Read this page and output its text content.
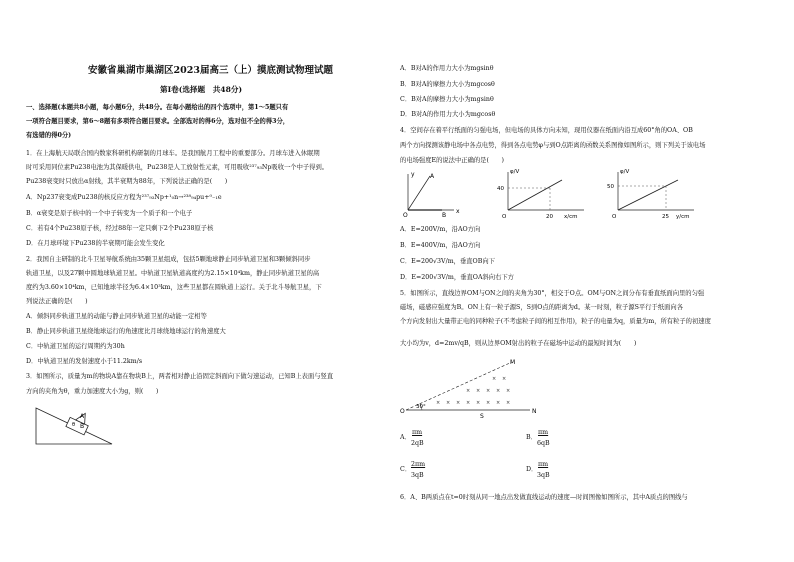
安徽省巢湖市巢湖区2023届高三（上）摸底测试物理试题
第Ⅰ卷(选择题　共48分)
一、选择题(本题共8小题，每小题6分，共48分。在每小题给出的四个选项中，第1～5题只有
一项符合题目要求，第6～8题有多项符合题目要求。全部选对的得6分，选对但不全的得3分，
有选错的得0分)
1．在上海航天局联合国内数家科研机构研制的月球车。是我国航月工程中的重要部分。月球车进入休眠期
时可采用同位素Pu238电池为其保暖供电，Pu238是人工放射性元素，可用吸收²³⁷₉₃Np吸收一个中子得到。
Pu238衰变时只放出α射线，其半衰期为88年，下列说法正确的是(　　)
A．Np237衰变成Pu238的核反应方程为²³⁷₉₃Np+¹₀n→²³⁸₉₄pu+⁰₋₁e
B．α衰变是原子核中的一个中子转变为一个质子和一个电子
C．若有4个Pu238原子核，经过88年一定只剩下2个Pu238原子核
D．在月球环境下Pu238的半衰期可能会发生变化
2．我国自主研制的北斗卫星导航系统由35颗卫星组成，包括5颗地球静止同步轨道卫星和3颗倾斜同步
轨道卫星，以及27颗中圆地球轨道卫星。中轨道卫星轨道高度约为2.15×10⁴km，静止同步轨道卫星的高
度约为3.60×10⁴km，已知地球半径为6.4×10³km，这些卫星都在圆轨道上运行。关于北斗导航卫星，下
列说法正确的是(　　)
A．倾斜同步轨道卫星的动能与静止同步轨道卫星的动能一定相等
B．静止同步轨道卫星绕地球运行的角速度比月球绕地球运行的角速度大
C．中轨道卫星的运行周期约为30h
D．中轨道卫星的发射速度小于11.2km/s
3．如图所示，质量为m的物块A靠在物块B上，两者相对静止沿固定斜面向下做匀速运动，已知B上表面与竖直
方向的夹角为θ，重力加速度大小为g，则(　　)
A
B
θ
A．B对A的作用力大小为mgsinθ
B．B对A的摩擦力大小为mgcosθ
C．B对A的摩擦力大小为mgsinθ
D．B对A的作用力大小为mgcosθ
4．空间存在着平行纸面的匀强电场，但电场的具体方向未知，现用仪器在纸面内沿互成60°角的OA、OB
两个方向探测该静电场中各点电势，得到各点电势φ与到O点距离的函数关系图像如图所示，则下列关于该电场
的电场强度E的说法中正确的是(　　)
O
A
B
x
y	φ/V
40
20 x/cm
O
φ/V
50
25 y/cm
O
A．E=200V/m，沿AO方向
B．E=400V/m，沿AO方向
C．E=200√3V/m，垂直OB向下
D．E=200√3V/m，垂直OA斜向右下方
5．如图所示，直线边界OM与ON之间的夹角为30°，相交于O点。OM与ON之间分布有垂直纸面向里的匀强
磁场，磁感应强度为B。ON上有一粒子源S，S到O点的距离为d。某一时刻，粒子源S平行于纸面向各
个方向发射出大量带正电的同种粒子(不考虑粒子间的相互作用)，粒子的电量为q，质量为m，所有粒子的初速度
大小均为v，d=2mv/qB，则从边界OM射出的粒子在磁场中运动的最短时间为(　　)
× ×
× × × × ×
× × × × × × × ×
O
30°
M
N
S
A．
πm
2qB
B．
πm
6qB
C．
2πm
3qB
D．
πm
3qB
6．A、B两质点在t=0时刻从同一地点出发做直线运动的速度—时间图像如图所示，其中A质点的图线与
